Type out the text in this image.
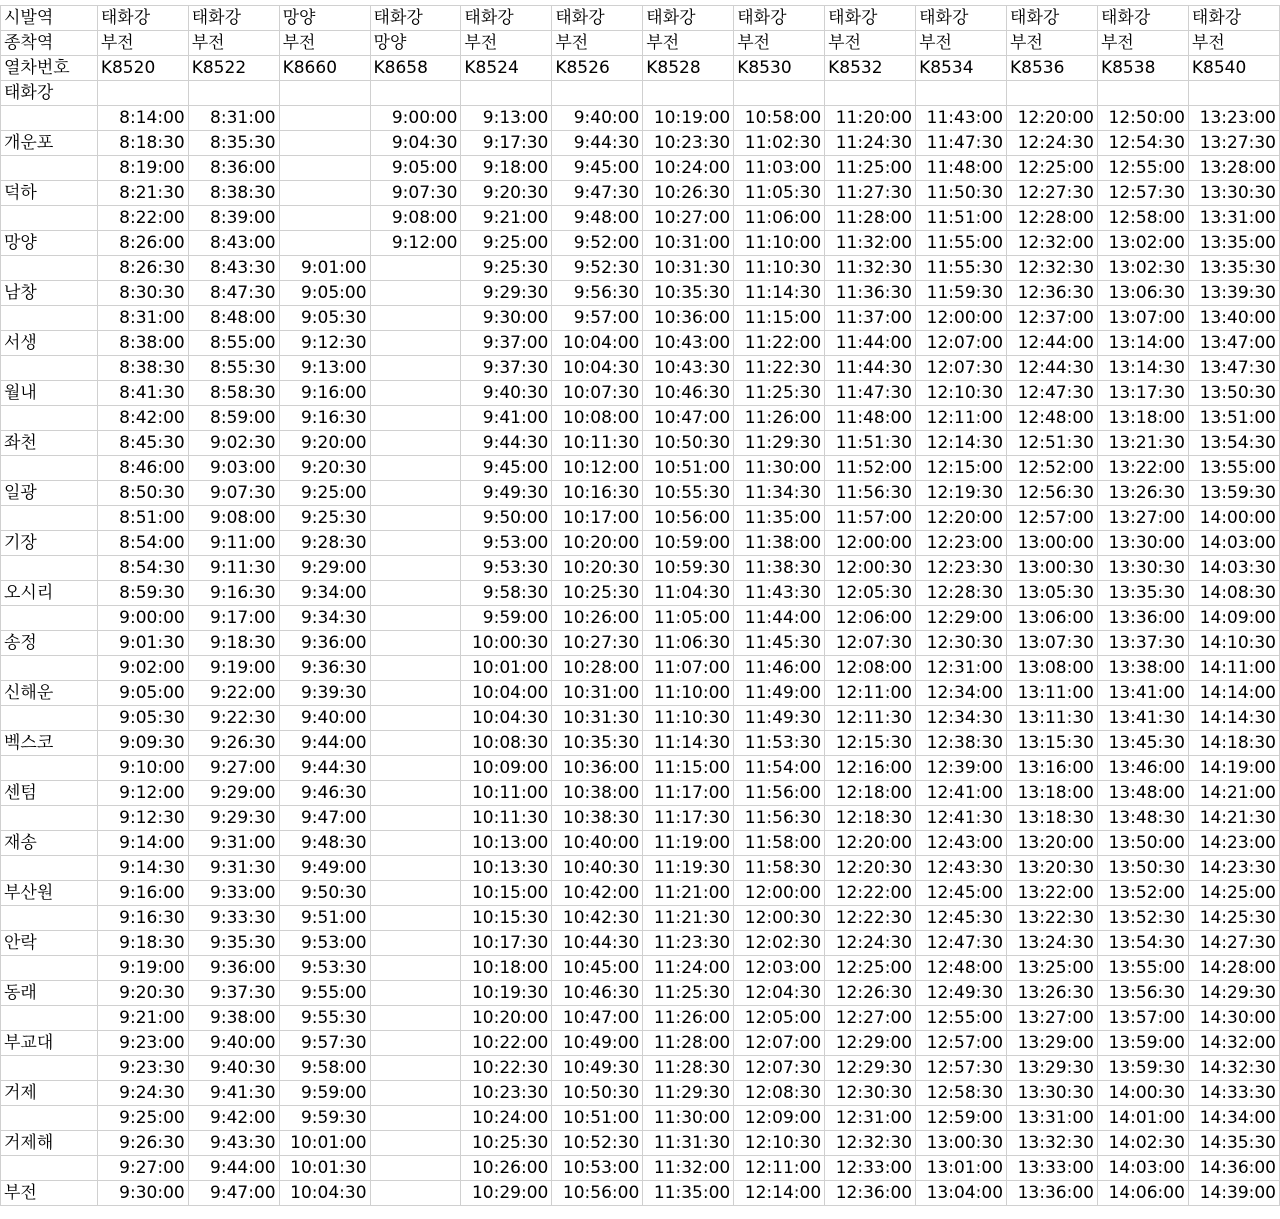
시발역	태화강	태화강	망양	태화강	태화강	태화강	태화강	태화강	태화강	태화강	태화강	태화강	태화강
종착역	부전	부전	부전	망양	부전	부전	부전	부전	부전	부전	부전	부전	부전
열차번호	K8520	K8522	K8660	K8658	K8524	K8526	K8528	K8530	K8532	K8534	K8536	K8538	K8540
태화강													
	8:14:00	8:31:00		9:00:00	9:13:00	9:40:00	10:19:00	10:58:00	11:20:00	11:43:00	12:20:00	12:50:00	13:23:00
개운포	8:18:30	8:35:30		9:04:30	9:17:30	9:44:30	10:23:30	11:02:30	11:24:30	11:47:30	12:24:30	12:54:30	13:27:30
	8:19:00	8:36:00		9:05:00	9:18:00	9:45:00	10:24:00	11:03:00	11:25:00	11:48:00	12:25:00	12:55:00	13:28:00
덕하	8:21:30	8:38:30		9:07:30	9:20:30	9:47:30	10:26:30	11:05:30	11:27:30	11:50:30	12:27:30	12:57:30	13:30:30
	8:22:00	8:39:00		9:08:00	9:21:00	9:48:00	10:27:00	11:06:00	11:28:00	11:51:00	12:28:00	12:58:00	13:31:00
망양	8:26:00	8:43:00		9:12:00	9:25:00	9:52:00	10:31:00	11:10:00	11:32:00	11:55:00	12:32:00	13:02:00	13:35:00
	8:26:30	8:43:30	9:01:00		9:25:30	9:52:30	10:31:30	11:10:30	11:32:30	11:55:30	12:32:30	13:02:30	13:35:30
남창	8:30:30	8:47:30	9:05:00		9:29:30	9:56:30	10:35:30	11:14:30	11:36:30	11:59:30	12:36:30	13:06:30	13:39:30
	8:31:00	8:48:00	9:05:30		9:30:00	9:57:00	10:36:00	11:15:00	11:37:00	12:00:00	12:37:00	13:07:00	13:40:00
서생	8:38:00	8:55:00	9:12:30		9:37:00	10:04:00	10:43:00	11:22:00	11:44:00	12:07:00	12:44:00	13:14:00	13:47:00
	8:38:30	8:55:30	9:13:00		9:37:30	10:04:30	10:43:30	11:22:30	11:44:30	12:07:30	12:44:30	13:14:30	13:47:30
월내	8:41:30	8:58:30	9:16:00		9:40:30	10:07:30	10:46:30	11:25:30	11:47:30	12:10:30	12:47:30	13:17:30	13:50:30
	8:42:00	8:59:00	9:16:30		9:41:00	10:08:00	10:47:00	11:26:00	11:48:00	12:11:00	12:48:00	13:18:00	13:51:00
좌천	8:45:30	9:02:30	9:20:00		9:44:30	10:11:30	10:50:30	11:29:30	11:51:30	12:14:30	12:51:30	13:21:30	13:54:30
	8:46:00	9:03:00	9:20:30		9:45:00	10:12:00	10:51:00	11:30:00	11:52:00	12:15:00	12:52:00	13:22:00	13:55:00
일광	8:50:30	9:07:30	9:25:00		9:49:30	10:16:30	10:55:30	11:34:30	11:56:30	12:19:30	12:56:30	13:26:30	13:59:30
	8:51:00	9:08:00	9:25:30		9:50:00	10:17:00	10:56:00	11:35:00	11:57:00	12:20:00	12:57:00	13:27:00	14:00:00
기장	8:54:00	9:11:00	9:28:30		9:53:00	10:20:00	10:59:00	11:38:00	12:00:00	12:23:00	13:00:00	13:30:00	14:03:00
	8:54:30	9:11:30	9:29:00		9:53:30	10:20:30	10:59:30	11:38:30	12:00:30	12:23:30	13:00:30	13:30:30	14:03:30
오시리	8:59:30	9:16:30	9:34:00		9:58:30	10:25:30	11:04:30	11:43:30	12:05:30	12:28:30	13:05:30	13:35:30	14:08:30
	9:00:00	9:17:00	9:34:30		9:59:00	10:26:00	11:05:00	11:44:00	12:06:00	12:29:00	13:06:00	13:36:00	14:09:00
송정	9:01:30	9:18:30	9:36:00		10:00:30	10:27:30	11:06:30	11:45:30	12:07:30	12:30:30	13:07:30	13:37:30	14:10:30
	9:02:00	9:19:00	9:36:30		10:01:00	10:28:00	11:07:00	11:46:00	12:08:00	12:31:00	13:08:00	13:38:00	14:11:00
신해운	9:05:00	9:22:00	9:39:30		10:04:00	10:31:00	11:10:00	11:49:00	12:11:00	12:34:00	13:11:00	13:41:00	14:14:00
	9:05:30	9:22:30	9:40:00		10:04:30	10:31:30	11:10:30	11:49:30	12:11:30	12:34:30	13:11:30	13:41:30	14:14:30
벡스코	9:09:30	9:26:30	9:44:00		10:08:30	10:35:30	11:14:30	11:53:30	12:15:30	12:38:30	13:15:30	13:45:30	14:18:30
	9:10:00	9:27:00	9:44:30		10:09:00	10:36:00	11:15:00	11:54:00	12:16:00	12:39:00	13:16:00	13:46:00	14:19:00
센텀	9:12:00	9:29:00	9:46:30		10:11:00	10:38:00	11:17:00	11:56:00	12:18:00	12:41:00	13:18:00	13:48:00	14:21:00
	9:12:30	9:29:30	9:47:00		10:11:30	10:38:30	11:17:30	11:56:30	12:18:30	12:41:30	13:18:30	13:48:30	14:21:30
재송	9:14:00	9:31:00	9:48:30		10:13:00	10:40:00	11:19:00	11:58:00	12:20:00	12:43:00	13:20:00	13:50:00	14:23:00
	9:14:30	9:31:30	9:49:00		10:13:30	10:40:30	11:19:30	11:58:30	12:20:30	12:43:30	13:20:30	13:50:30	14:23:30
부산원	9:16:00	9:33:00	9:50:30		10:15:00	10:42:00	11:21:00	12:00:00	12:22:00	12:45:00	13:22:00	13:52:00	14:25:00
	9:16:30	9:33:30	9:51:00		10:15:30	10:42:30	11:21:30	12:00:30	12:22:30	12:45:30	13:22:30	13:52:30	14:25:30
안락	9:18:30	9:35:30	9:53:00		10:17:30	10:44:30	11:23:30	12:02:30	12:24:30	12:47:30	13:24:30	13:54:30	14:27:30
	9:19:00	9:36:00	9:53:30		10:18:00	10:45:00	11:24:00	12:03:00	12:25:00	12:48:00	13:25:00	13:55:00	14:28:00
동래	9:20:30	9:37:30	9:55:00		10:19:30	10:46:30	11:25:30	12:04:30	12:26:30	12:49:30	13:26:30	13:56:30	14:29:30
	9:21:00	9:38:00	9:55:30		10:20:00	10:47:00	11:26:00	12:05:00	12:27:00	12:55:00	13:27:00	13:57:00	14:30:00
부교대	9:23:00	9:40:00	9:57:30		10:22:00	10:49:00	11:28:00	12:07:00	12:29:00	12:57:00	13:29:00	13:59:00	14:32:00
	9:23:30	9:40:30	9:58:00		10:22:30	10:49:30	11:28:30	12:07:30	12:29:30	12:57:30	13:29:30	13:59:30	14:32:30
거제	9:24:30	9:41:30	9:59:00		10:23:30	10:50:30	11:29:30	12:08:30	12:30:30	12:58:30	13:30:30	14:00:30	14:33:30
	9:25:00	9:42:00	9:59:30		10:24:00	10:51:00	11:30:00	12:09:00	12:31:00	12:59:00	13:31:00	14:01:00	14:34:00
거제해	9:26:30	9:43:30	10:01:00		10:25:30	10:52:30	11:31:30	12:10:30	12:32:30	13:00:30	13:32:30	14:02:30	14:35:30
	9:27:00	9:44:00	10:01:30		10:26:00	10:53:00	11:32:00	12:11:00	12:33:00	13:01:00	13:33:00	14:03:00	14:36:00
부전	9:30:00	9:47:00	10:04:30		10:29:00	10:56:00	11:35:00	12:14:00	12:36:00	13:04:00	13:36:00	14:06:00	14:39:00
